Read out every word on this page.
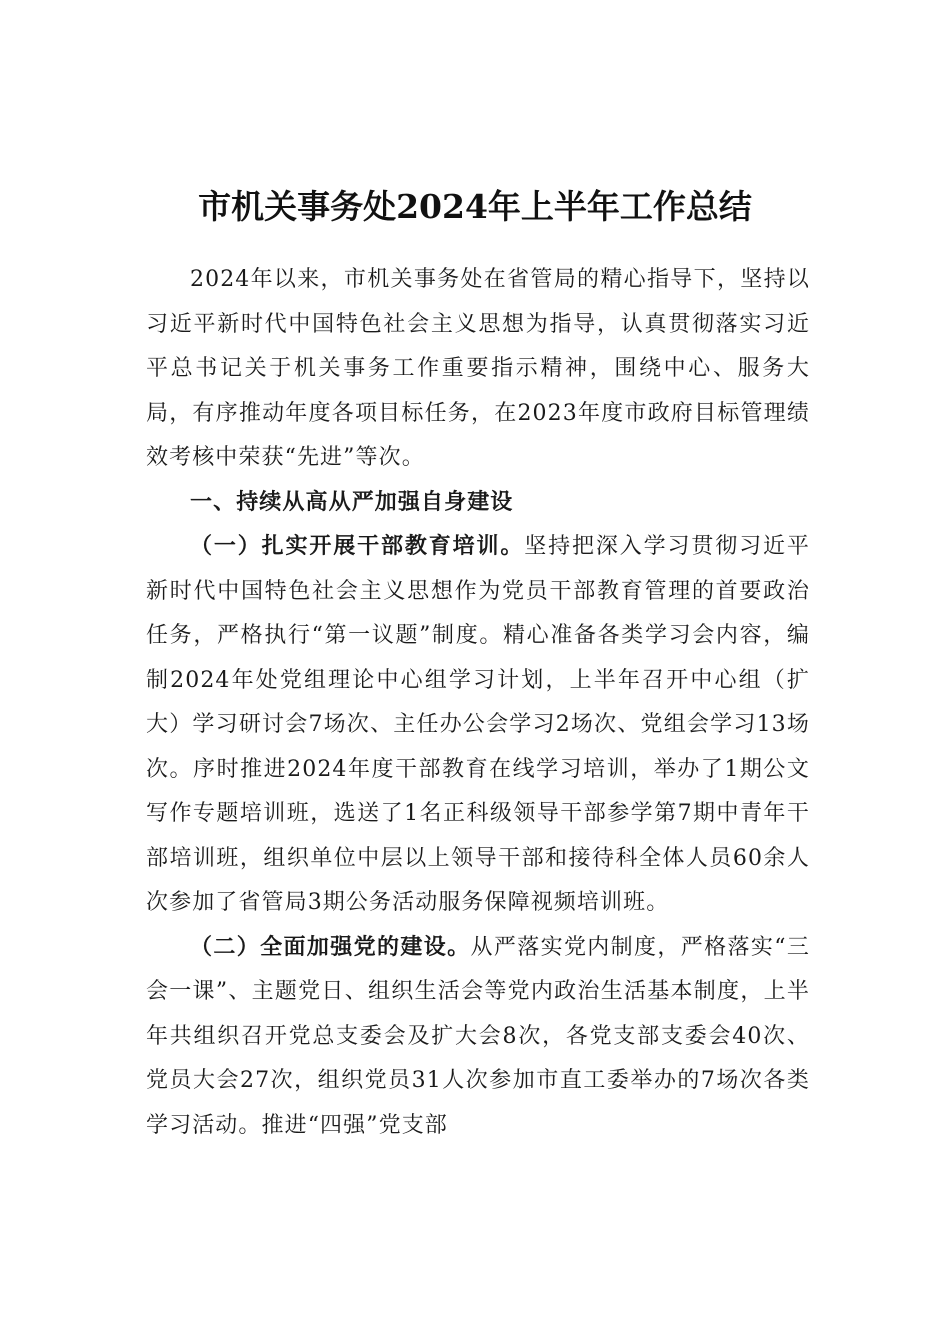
市机关事务处2024年上半年工作总结

2024年以来，市机关事务处在省管局的精心指导下，坚持以习近平新时代中国特色社会主义思想为指导，认真贯彻落实习近平总书记关于机关事务工作重要指示精神，围绕中心、服务大局，有序推动年度各项目标任务，在2023年度市政府目标管理绩效考核中荣获“先进”等次。

一、持续从高从严加强自身建设

（一）扎实开展干部教育培训。坚持把深入学习贯彻习近平新时代中国特色社会主义思想作为党员干部教育管理的首要政治任务，严格执行“第一议题”制度。精心准备各类学习会内容，编制2024年处党组理论中心组学习计划，上半年召开中心组（扩大）学习研讨会7场次、主任办公会学习2场次、党组会学习13场次。序时推进2024年度干部教育在线学习培训，举办了1期公文写作专题培训班，选送了1名正科级领导干部参学第7期中青年干部培训班，组织单位中层以上领导干部和接待科全体人员60余人次参加了省管局3期公务活动服务保障视频培训班。

（二）全面加强党的建设。从严落实党内制度，严格落实“三会一课”、主题党日、组织生活会等党内政治生活基本制度，上半年共组织召开党总支委会及扩大会8次，各党支部支委会40次、党员大会27次，组织党员31人次参加市直工委举办的7场次各类学习活动。推进“四强”党支部
